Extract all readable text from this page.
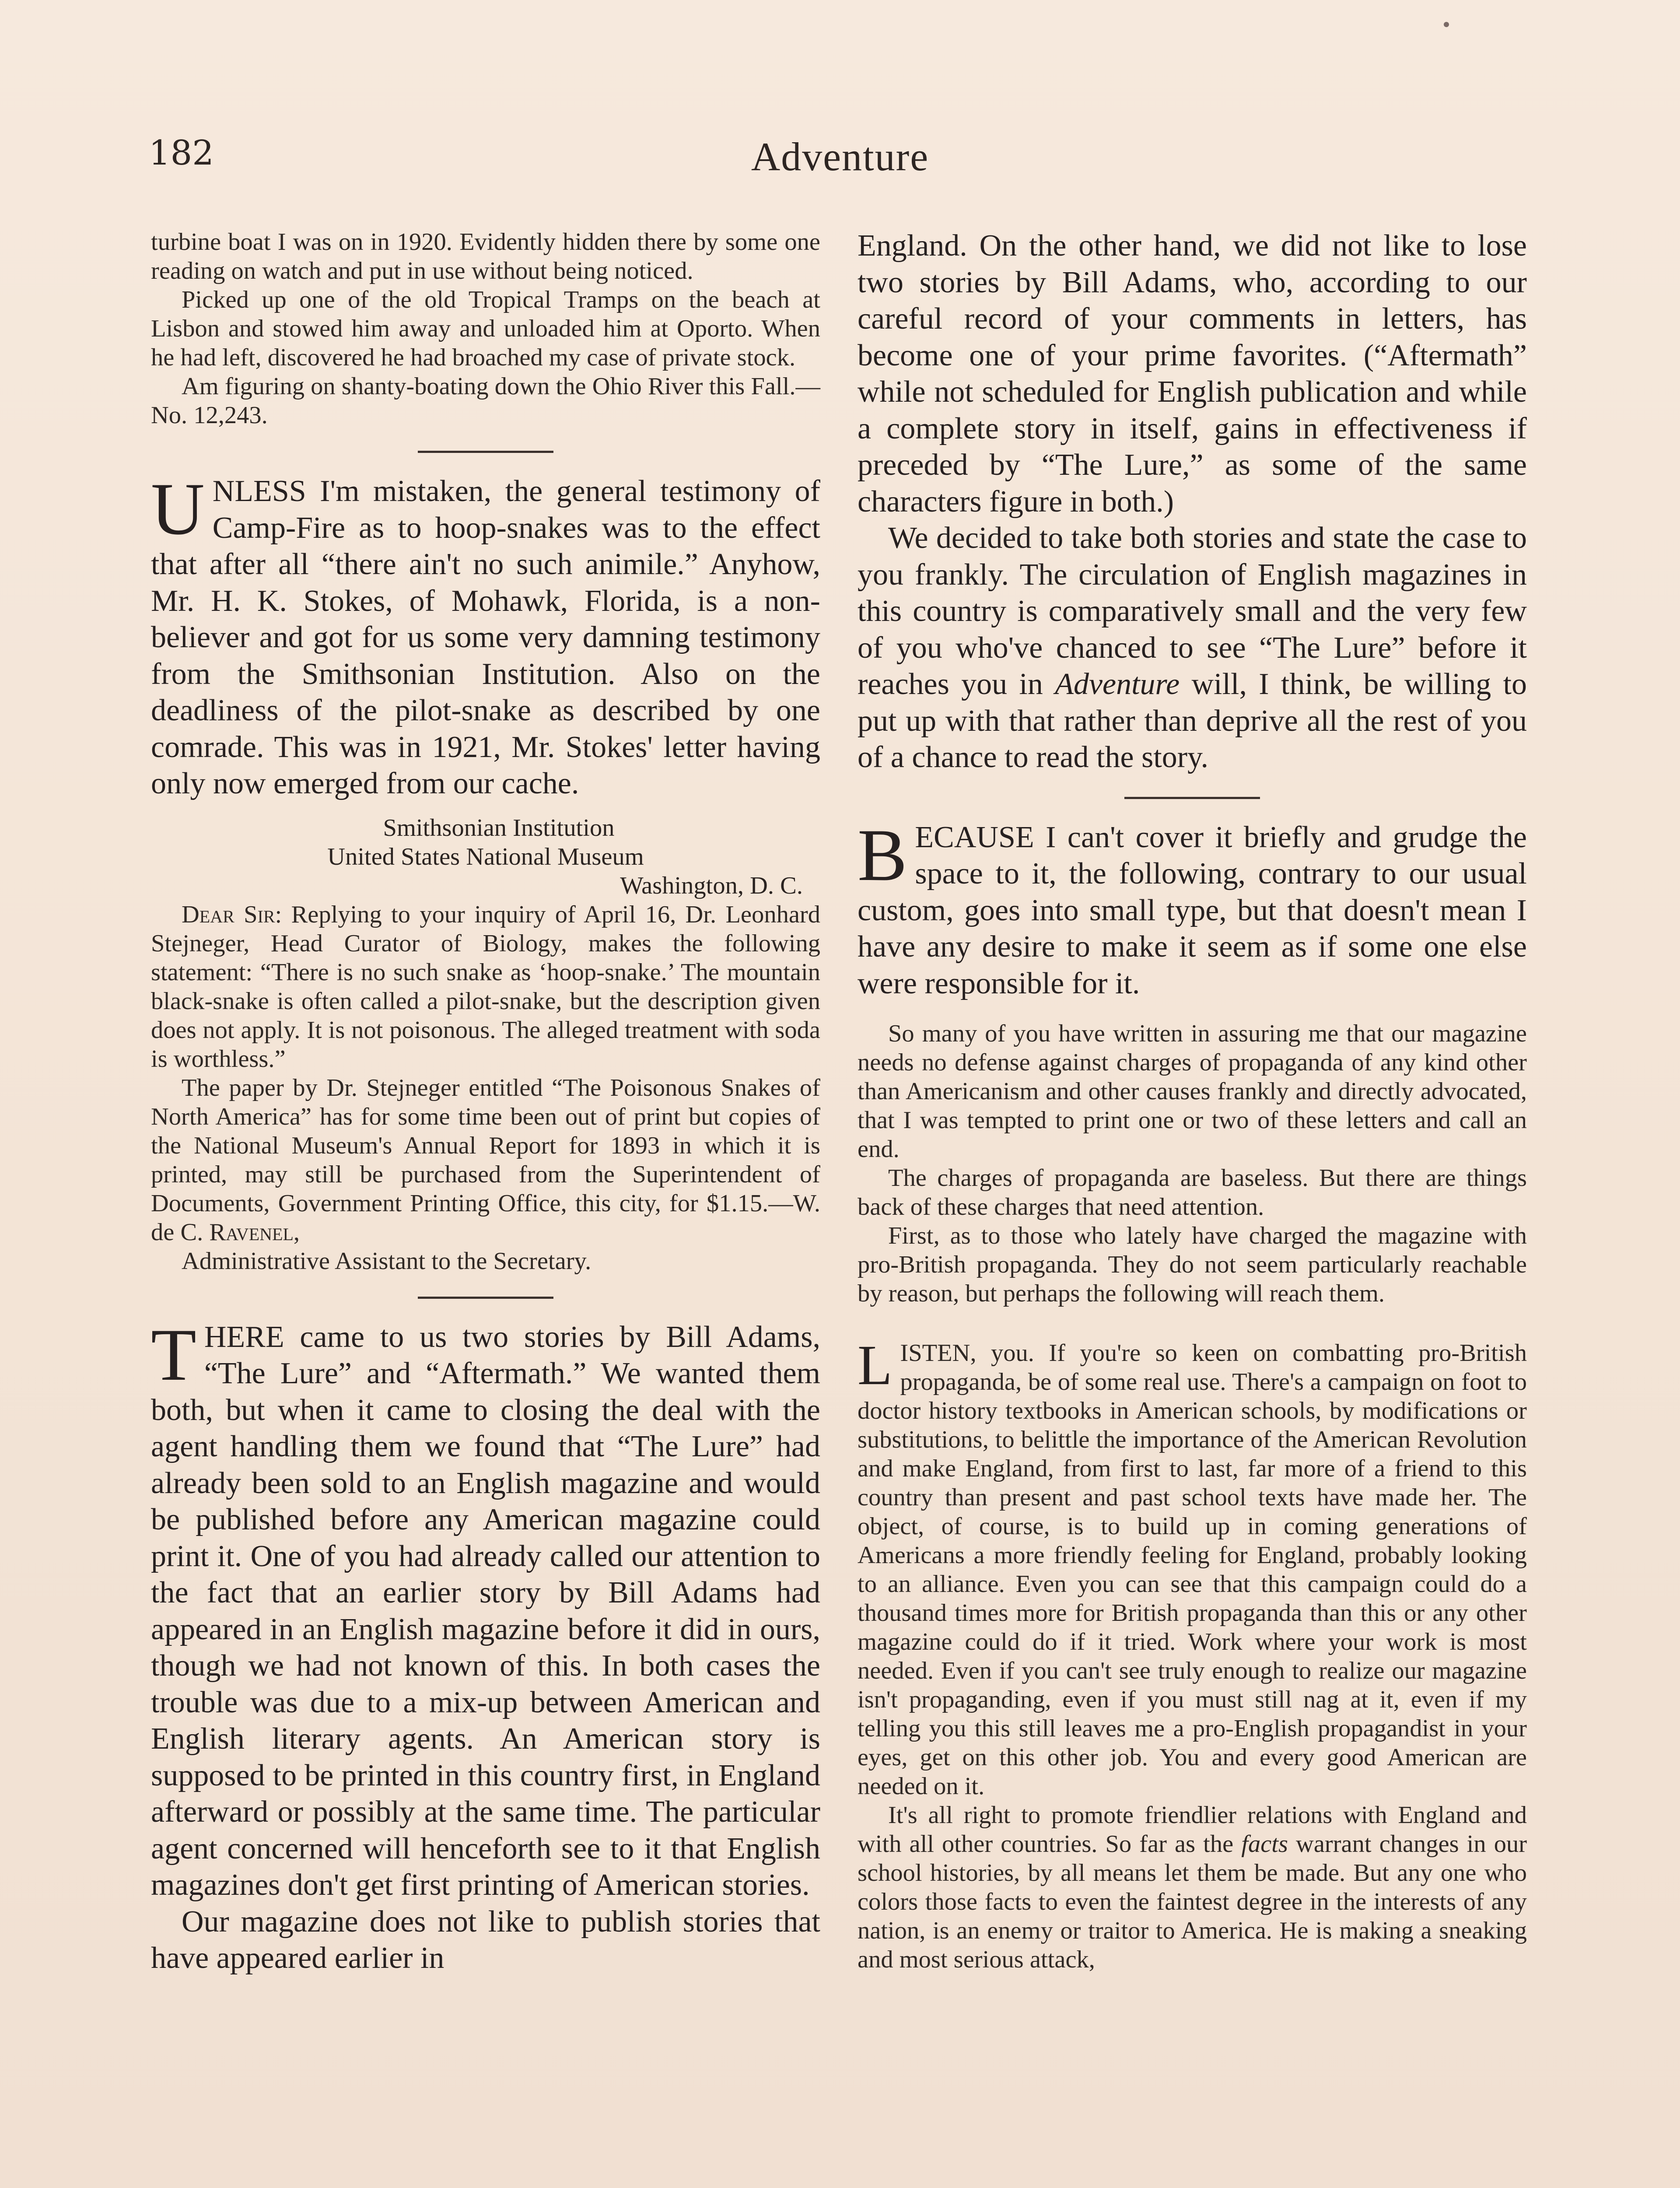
182	Adventure

turbine boat I was on in 1920. Evidently hidden there by some one reading on watch and put in use without being noticed.

Picked up one of the old Tropical Tramps on the beach at Lisbon and stowed him away and unloaded him at Oporto. When he had left, discovered he had broached my case of private stock.

Am figuring on shanty-boating down the Ohio River this Fall.—No. 12,243.

UNLESS I'm mistaken, the general testimony of Camp-Fire as to hoop-snakes was to the effect that after all “there ain't no such animile.” Anyhow, Mr. H. K. Stokes, of Mohawk, Florida, is a non-believer and got for us some very damning testimony from the Smithsonian Institution. Also on the deadliness of the pilot-snake as described by one comrade. This was in 1921, Mr. Stokes' letter having only now emerged from our cache.

Smithsonian Institution
United States National Museum
Washington, D. C.

Dear Sir: Replying to your inquiry of April 16, Dr. Leonhard Stejneger, Head Curator of Biology, makes the following statement: “There is no such snake as ‘hoop-snake.’ The mountain black-snake is often called a pilot-snake, but the description given does not apply. It is not poisonous. The alleged treatment with soda is worthless.”

The paper by Dr. Stejneger entitled “The Poisonous Snakes of North America” has for some time been out of print but copies of the National Museum's Annual Report for 1893 in which it is printed, may still be purchased from the Superintendent of Documents, Government Printing Office, this city, for $1.15.—W. de C. Ravenel,

Administrative Assistant to the Secretary.

THERE came to us two stories by Bill Adams, “The Lure” and “Aftermath.” We wanted them both, but when it came to closing the deal with the agent handling them we found that “The Lure” had already been sold to an English magazine and would be published before any American magazine could print it. One of you had already called our attention to the fact that an earlier story by Bill Adams had appeared in an English magazine before it did in ours, though we had not known of this. In both cases the trouble was due to a mix-up between American and English literary agents. An American story is supposed to be printed in this country first, in England afterward or possibly at the same time. The particular agent concerned will henceforth see to it that English magazines don't get first printing of American stories.

Our magazine does not like to publish stories that have appeared earlier in

England. On the other hand, we did not like to lose two stories by Bill Adams, who, according to our careful record of your comments in letters, has become one of your prime favorites. (“Aftermath” while not scheduled for English publication and while a complete story in itself, gains in effectiveness if preceded by “The Lure,” as some of the same characters figure in both.)

We decided to take both stories and state the case to you frankly. The circulation of English magazines in this country is comparatively small and the very few of you who've chanced to see “The Lure” before it reaches you in Adventure will, I think, be willing to put up with that rather than deprive all the rest of you of a chance to read the story.

BECAUSE I can't cover it briefly and grudge the space to it, the following, contrary to our usual custom, goes into small type, but that doesn't mean I have any desire to make it seem as if some one else were responsible for it.

So many of you have written in assuring me that our magazine needs no defense against charges of propaganda of any kind other than Americanism and other causes frankly and directly advocated, that I was tempted to print one or two of these letters and call an end.

The charges of propaganda are baseless. But there are things back of these charges that need attention.

First, as to those who lately have charged the magazine with pro-British propaganda. They do not seem particularly reachable by reason, but perhaps the following will reach them.

LISTEN, you. If you're so keen on combatting pro-British propaganda, be of some real use. There's a campaign on foot to doctor history textbooks in American schools, by modifications or substitutions, to belittle the importance of the American Revolution and make England, from first to last, far more of a friend to this country than present and past school texts have made her. The object, of course, is to build up in coming generations of Americans a more friendly feeling for England, probably looking to an alliance. Even you can see that this campaign could do a thousand times more for British propaganda than this or any other magazine could do if it tried. Work where your work is most needed. Even if you can't see truly enough to realize our magazine isn't propaganding, even if you must still nag at it, even if my telling you this still leaves me a pro-English propagandist in your eyes, get on this other job. You and every good American are needed on it.

It's all right to promote friendlier relations with England and with all other countries. So far as the facts warrant changes in our school histories, by all means let them be made. But any one who colors those facts to even the faintest degree in the interests of any nation, is an enemy or traitor to America. He is making a sneaking and most serious attack,
